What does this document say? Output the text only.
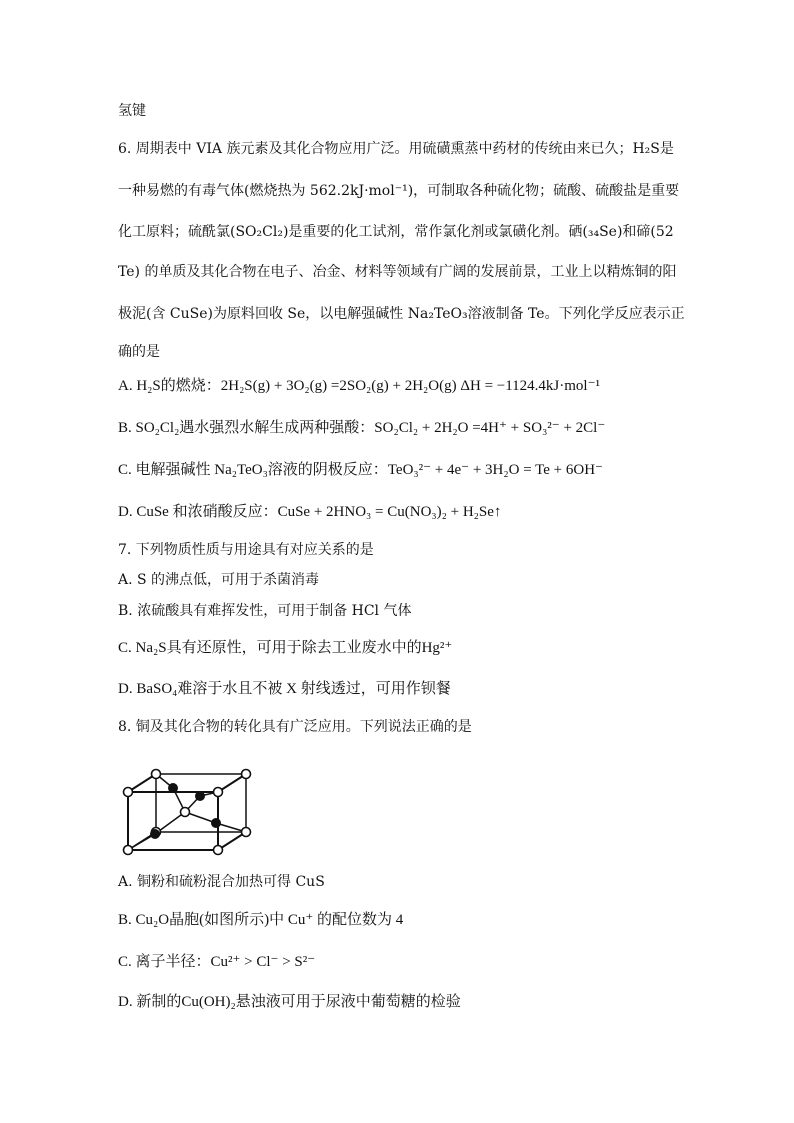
氢键
6. 周期表中 VIA 族元素及其化合物应用广泛。用硫磺熏蒸中药材的传统由来已久；H₂S是
一种易燃的有毒气体(燃烧热为 562.2kJ·mol⁻¹)，可制取各种硫化物；硫酸、硫酸盐是重要
化工原料；硫酰氯(SO₂Cl₂)是重要的化工试剂，常作氯化剂或氯磺化剂。硒(₃₄Se)和碲(52
Te) 的单质及其化合物在电子、冶金、材料等领域有广阔的发展前景，工业上以精炼铜的阳
极泥(含 CuSe)为原料回收 Se，以电解强碱性 Na₂TeO₃溶液制备 Te。下列化学反应表示正
确的是
A. H₂S的燃烧：2H₂S(g) + 3O₂(g) =2SO₂(g) + 2H₂O(g) ΔH = −1124.4kJ·mol⁻¹
B. SO₂Cl₂遇水强烈水解生成两种强酸：SO₂Cl₂ + 2H₂O =4H⁺ + SO₃²⁻ + 2Cl⁻
C. 电解强碱性 Na₂TeO₃溶液的阴极反应：TeO₃²⁻ + 4e⁻ + 3H₂O = Te + 6OH⁻
D. CuSe 和浓硝酸反应：CuSe + 2HNO₃ = Cu(NO₃)₂ + H₂Se↑
7. 下列物质性质与用途具有对应关系的是
A. S 的沸点低，可用于杀菌消毒
B. 浓硫酸具有难挥发性，可用于制备 HCl 气体
C. Na₂S具有还原性，可用于除去工业废水中的Hg²⁺
D. BaSO₄难溶于水且不被 X 射线透过，可用作钡餐
8. 铜及其化合物的转化具有广泛应用。下列说法正确的是
A. 铜粉和硫粉混合加热可得 CuS
B. Cu₂O晶胞(如图所示)中 Cu⁺ 的配位数为 4
C. 离子半径：Cu²⁺ > Cl⁻ > S²⁻
D. 新制的Cu(OH)₂悬浊液可用于尿液中葡萄糖的检验
